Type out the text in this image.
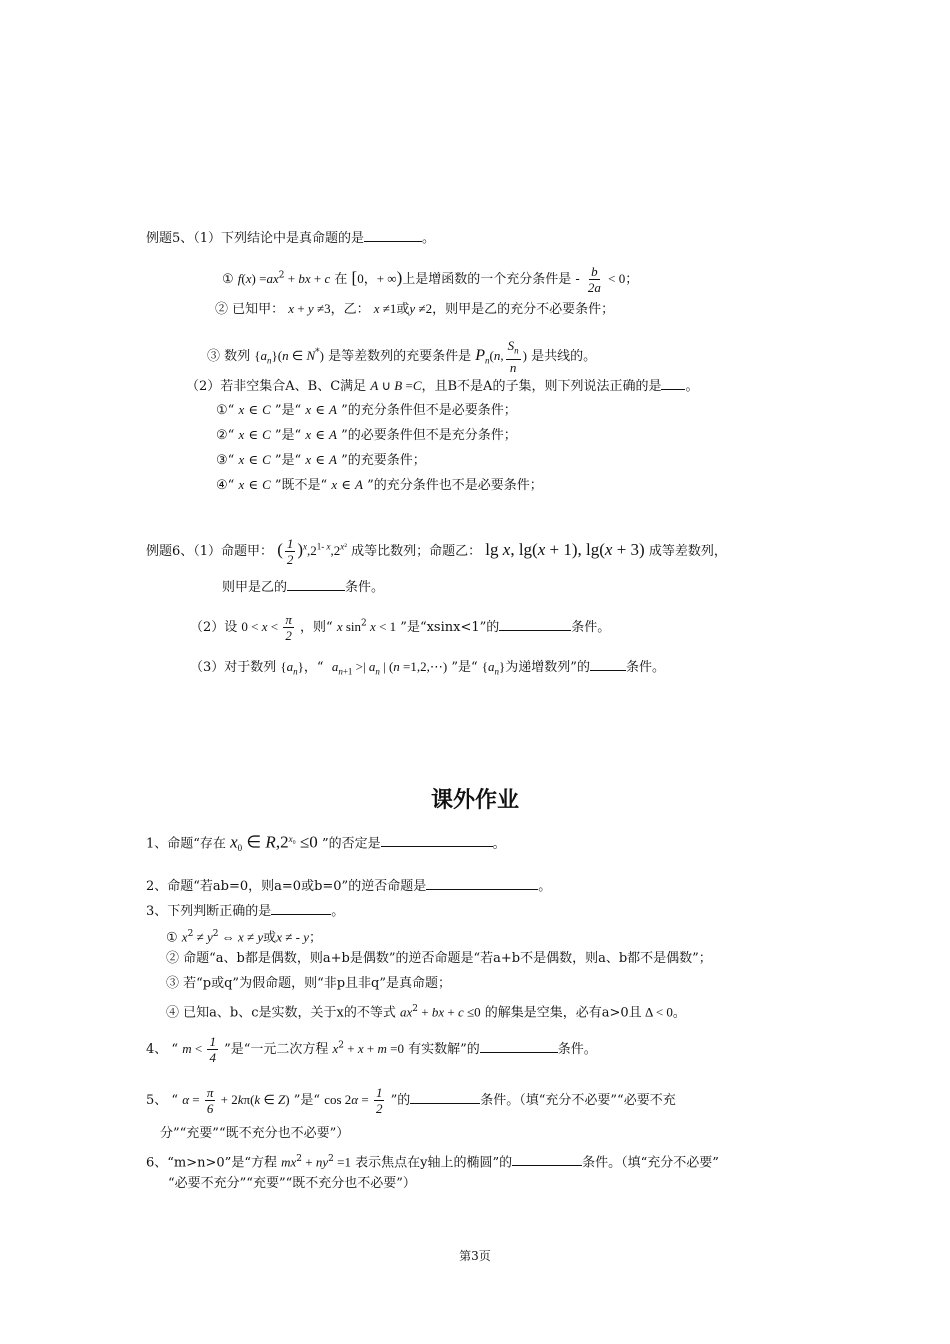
例题5、（1）下列结论中是真命题的是	。
① $f(x) =ax^2$ + bx + c 在 [0，+ ∞)上是增函数的一个充分条件是 - $\frac{b}{2a} < 0$；
② 已知甲： x + y ≠3，乙： x ≠1或y ≠2，则甲是乙的充分不必要条件；
③ 数列 $\{a_n\}(n$ ∈ N*) 是等差数列的充要条件是 $P_n(n$, $\frac{S_n}{n}$ ) 是共线的。
（2）若非空集合A、B、C满足 A ∪ B =C，且B不是A的子集，则下列说法正确的是 。
①“ x ∈ C ”是“ x ∈ A ”的充分条件但不是必要条件；
②“ x ∈ C ”是“ x ∈ A ”的必要条件但不是充分条件；
③“ x ∈ C ”是“ x ∈ A ”的充要条件；
④“ x ∈ C ”既不是“ x ∈ A ”的充分条件也不是必要条件；
例题6、（1）命题甲： ( $\frac{1}{2} )^x,2^{1- x},2^{x^2}$ 成等比数列；命题乙： lg x, lg(x + 1), lg(x + 3) 成等差数列，
则甲是乙的	条件。
（2）设 $0 < x < \frac{\pi}{2}$ ，则“ x $\sin^2 x < 1$ ”是“xsinx<1”的	条件。
（3）对于数列 $\{a_n\}$，“ $a_{n+1}$ >| $a_n$ | (n =1,2,⋯) ”是“ $\{a_n\}$为递增数列”的	条件。
课外作业
1、命题“存在 $x_0$ ∈ $R,2^{x_0} \le 0$ ”的否定是	。
2、命题“若ab=0，则a=0或b=0”的逆否命题是	。
3、下列判断正确的是	。
① $x^2 \ne y^2$ ⇔ x ≠ y或x ≠ - y；
② 命题“a、b都是偶数，则a+b是偶数”的逆否命题是“若a+b不是偶数，则a、b都不是偶数”；
③ 若“p或q”为假命题，则“非p且非q”是真命题；
④ 已知a、b、c是实数，关于x的不等式 $ax^2$ + bx + c ≤0 的解集是空集，必有a>0且 Δ < 0。
4、 “ $m < \frac{1}{4}$ ”是“一元二次方程 $x^2 + x + m =0$ 有实数解”的	条件。
5、 “ $\alpha = \frac{\pi}{6} + 2k\pi(k$ ∈ Z) ”是“ $\cos 2\alpha = \frac{1}{2}$ ”的	条件。（填“充分不必要”“必要不充
分”“充要”“既不充分也不必要”）
6、“m>n>0”是“方程 $mx^2 + ny^2 =1$ 表示焦点在y轴上的椭圆”的	条件。（填“充分不必要”
“必要不充分”“充要”“既不充分也不必要”）
第3页
